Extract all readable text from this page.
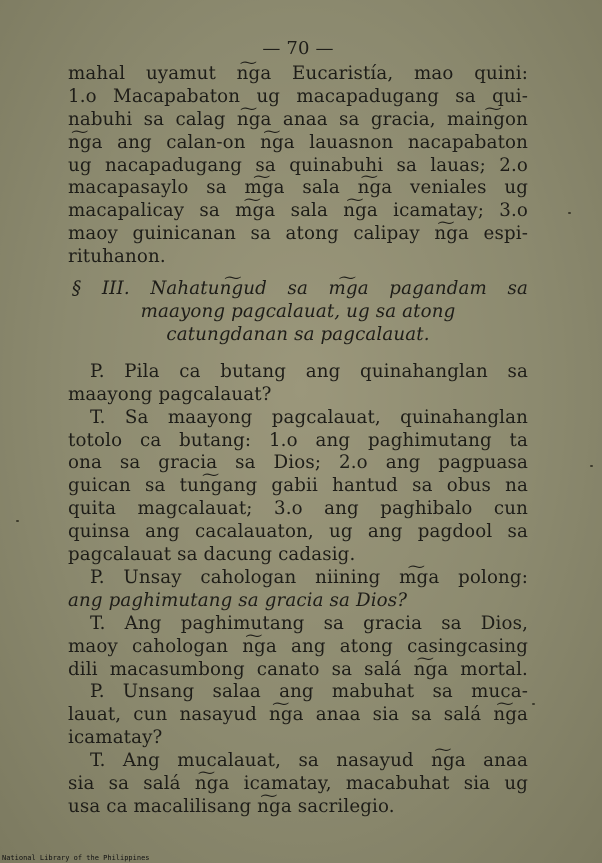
— 70 —
mahal uyamut n͠ga Eucaristía, mao quini:
1.o Macapabaton ug macapadugang sa qui-
nabuhi sa calag n͠ga anaa sa gracia, main͠gon
n͠ga ang calan-on n͠ga lauasnon nacapabaton
ug nacapadugang sa quinabuhi sa lauas; 2.o
macapasaylo sa m͠ga sala n͠ga veniales ug
macapalicay sa m͠ga sala n͠ga icamatay; 3.o
maoy guinicanan sa atong calipay n͠ga espi-
rituhanon.
§ III. Nahatun͠gud sa m͠ga pagandam sa
maayong pagcalauat, ug sa atong
catungdanan sa pagcalauat.
P. Pila ca butang ang quinahanglan sa
maayong pagcalauat?
T. Sa maayong pagcalauat, quinahanglan
totolo ca butang: 1.o ang paghimutang ta
ona sa gracia sa Dios; 2.o ang pagpuasa
guican sa tun͠gang gabii hantud sa obus na
quita magcalauat; 3.o ang paghibalo cun
quinsa ang cacalauaton, ug ang pagdool sa
pagcalauat sa dacung cadasig.
P. Unsay cahologan niining m͠ga polong:
ang paghimutang sa gracia sa Dios?
T. Ang paghimutang sa gracia sa Dios,
maoy cahologan n͠ga ang atong casingcasing
dili macasumbong canato sa salá n͠ga mortal.
P. Unsang salaa ang mabuhat sa muca-
lauat, cun nasayud n͠ga anaa sia sa salá n͠ga
icamatay?
T. Ang mucalauat, sa nasayud n͠ga anaa
sia sa salá n͠ga icamatay, macabuhat sia ug
usa ca macalilisang n͠ga sacrilegio.
National Library of the Philippines
